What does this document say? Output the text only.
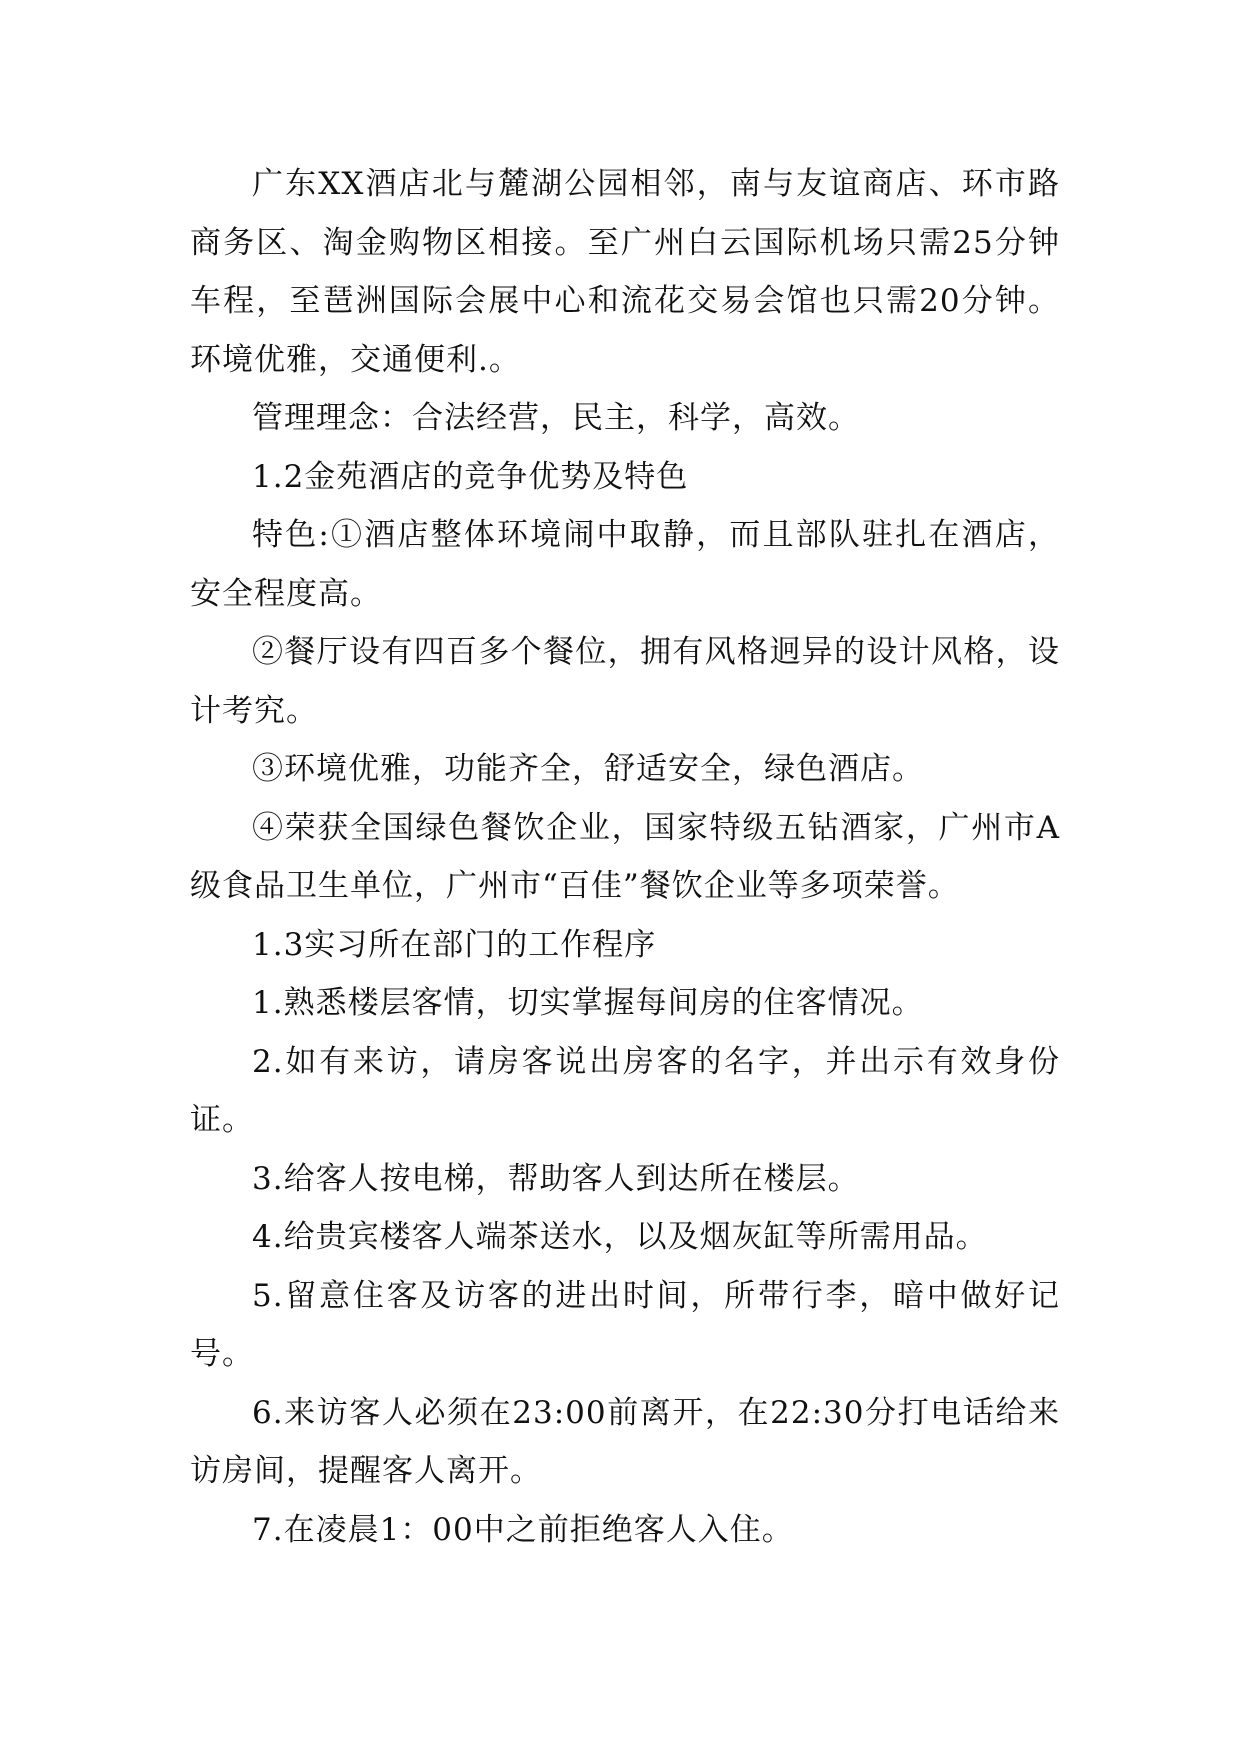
广东XX酒店北与麓湖公园相邻，南与友谊商店、环市路商务区、淘金购物区相接。至广州白云国际机场只需25分钟车程，至琶洲国际会展中心和流花交易会馆也只需20分钟。环境优雅，交通便利.。

管理理念：合法经营，民主，科学，高效。

1.2金苑酒店的竞争优势及特色

特色:①酒店整体环境闹中取静，而且部队驻扎在酒店，安全程度高。

②餐厅设有四百多个餐位，拥有风格迥异的设计风格，设计考究。

③环境优雅，功能齐全，舒适安全，绿色酒店。

④荣获全国绿色餐饮企业，国家特级五钻酒家，广州市A级食品卫生单位，广州市“百佳”餐饮企业等多项荣誉。

1.3实习所在部门的工作程序

1.熟悉楼层客情，切实掌握每间房的住客情况。

2.如有来访，请房客说出房客的名字，并出示有效身份证。

3.给客人按电梯，帮助客人到达所在楼层。

4.给贵宾楼客人端茶送水，以及烟灰缸等所需用品。

5.留意住客及访客的进出时间，所带行李，暗中做好记号。

6.来访客人必须在23:00前离开，在22:30分打电话给来访房间，提醒客人离开。

7.在凌晨1：00中之前拒绝客人入住。
